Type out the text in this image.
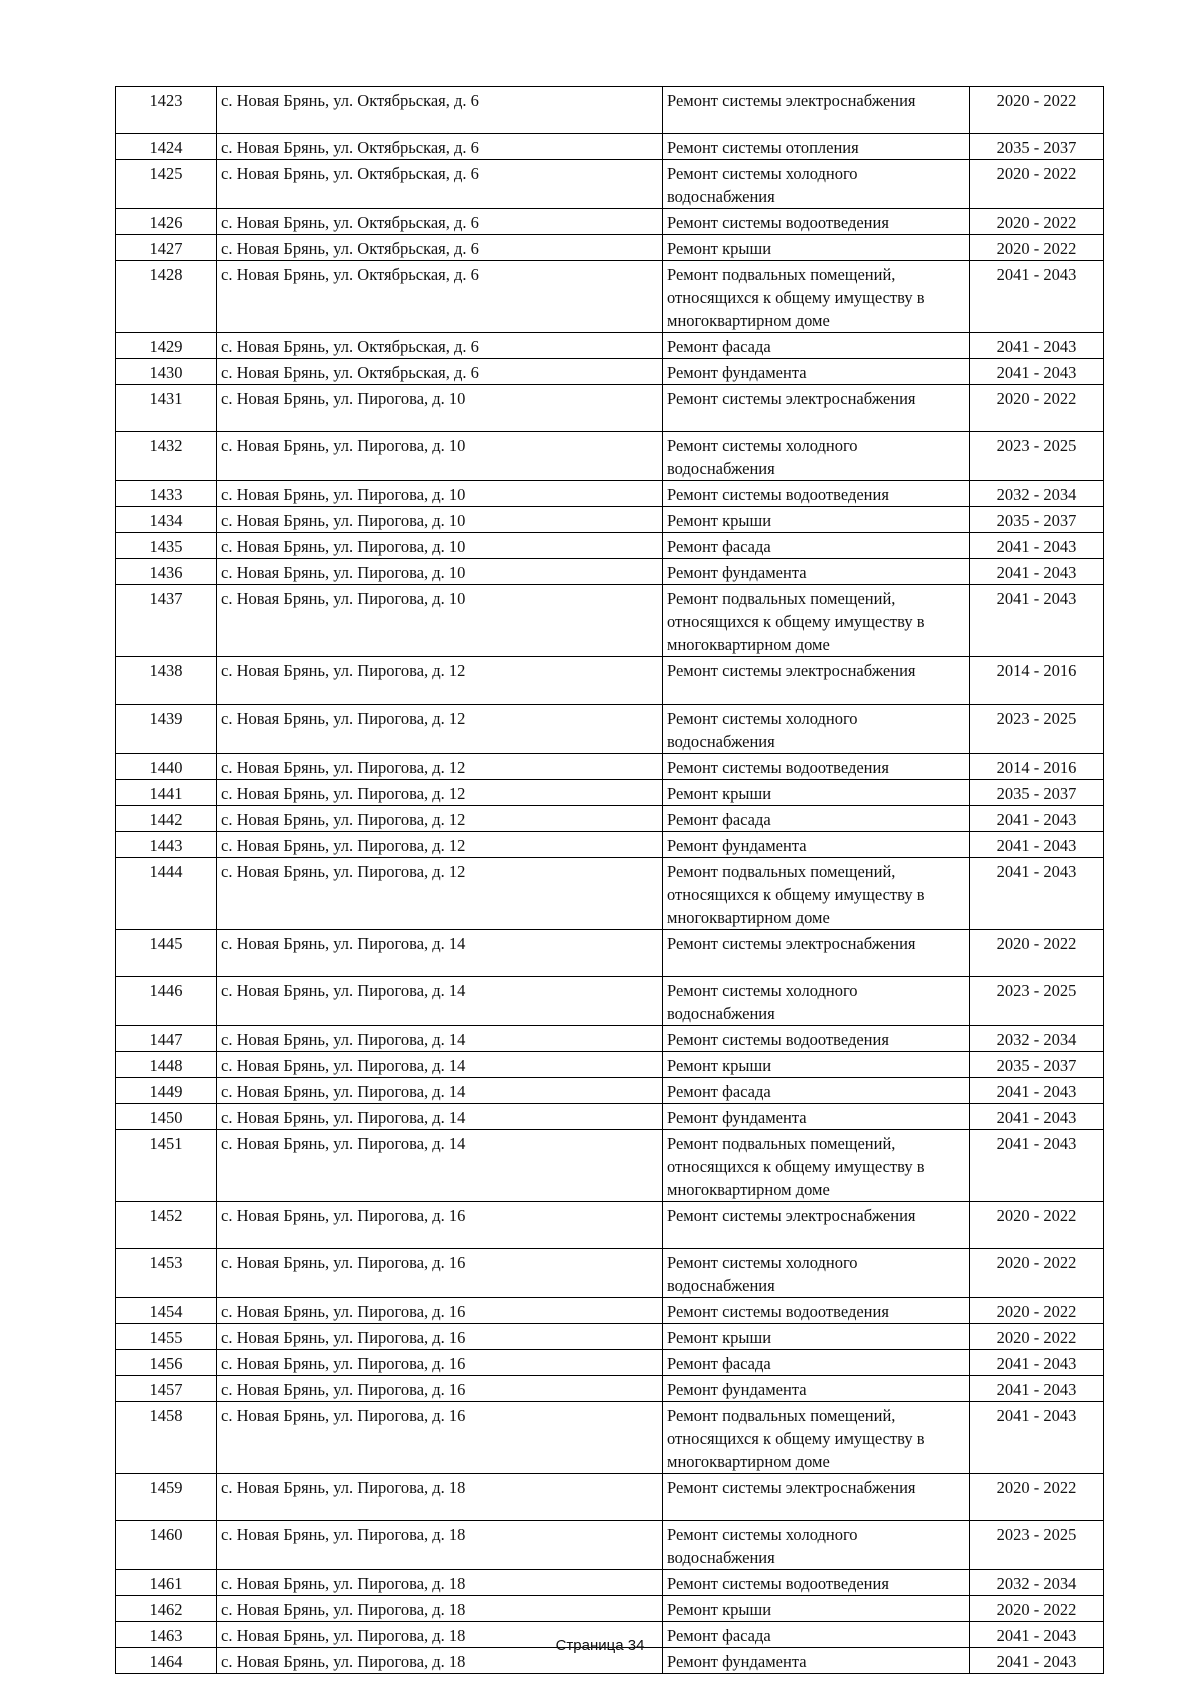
1423	с. Новая Брянь, ул. Октябрьская, д. 6	Ремонт системы электроснабжения	2020 - 2022
1424	с. Новая Брянь, ул. Октябрьская, д. 6	Ремонт системы отопления	2035 - 2037
1425	с. Новая Брянь, ул. Октябрьская, д. 6	Ремонт системы холодного водоснабжения	2020 - 2022
1426	с. Новая Брянь, ул. Октябрьская, д. 6	Ремонт системы водоотведения	2020 - 2022
1427	с. Новая Брянь, ул. Октябрьская, д. 6	Ремонт крыши	2020 - 2022
1428	с. Новая Брянь, ул. Октябрьская, д. 6	Ремонт подвальных помещений, относящихся к общему имуществу в многоквартирном доме	2041 - 2043
1429	с. Новая Брянь, ул. Октябрьская, д. 6	Ремонт фасада	2041 - 2043
1430	с. Новая Брянь, ул. Октябрьская, д. 6	Ремонт фундамента	2041 - 2043
1431	с. Новая Брянь, ул. Пирогова, д. 10	Ремонт системы электроснабжения	2020 - 2022
1432	с. Новая Брянь, ул. Пирогова, д. 10	Ремонт системы холодного водоснабжения	2023 - 2025
1433	с. Новая Брянь, ул. Пирогова, д. 10	Ремонт системы водоотведения	2032 - 2034
1434	с. Новая Брянь, ул. Пирогова, д. 10	Ремонт крыши	2035 - 2037
1435	с. Новая Брянь, ул. Пирогова, д. 10	Ремонт фасада	2041 - 2043
1436	с. Новая Брянь, ул. Пирогова, д. 10	Ремонт фундамента	2041 - 2043
1437	с. Новая Брянь, ул. Пирогова, д. 10	Ремонт подвальных помещений, относящихся к общему имуществу в многоквартирном доме	2041 - 2043
1438	с. Новая Брянь, ул. Пирогова, д. 12	Ремонт системы электроснабжения	2014 - 2016
1439	с. Новая Брянь, ул. Пирогова, д. 12	Ремонт системы холодного водоснабжения	2023 - 2025
1440	с. Новая Брянь, ул. Пирогова, д. 12	Ремонт системы водоотведения	2014 - 2016
1441	с. Новая Брянь, ул. Пирогова, д. 12	Ремонт крыши	2035 - 2037
1442	с. Новая Брянь, ул. Пирогова, д. 12	Ремонт фасада	2041 - 2043
1443	с. Новая Брянь, ул. Пирогова, д. 12	Ремонт фундамента	2041 - 2043
1444	с. Новая Брянь, ул. Пирогова, д. 12	Ремонт подвальных помещений, относящихся к общему имуществу в многоквартирном доме	2041 - 2043
1445	с. Новая Брянь, ул. Пирогова, д. 14	Ремонт системы электроснабжения	2020 - 2022
1446	с. Новая Брянь, ул. Пирогова, д. 14	Ремонт системы холодного водоснабжения	2023 - 2025
1447	с. Новая Брянь, ул. Пирогова, д. 14	Ремонт системы водоотведения	2032 - 2034
1448	с. Новая Брянь, ул. Пирогова, д. 14	Ремонт крыши	2035 - 2037
1449	с. Новая Брянь, ул. Пирогова, д. 14	Ремонт фасада	2041 - 2043
1450	с. Новая Брянь, ул. Пирогова, д. 14	Ремонт фундамента	2041 - 2043
1451	с. Новая Брянь, ул. Пирогова, д. 14	Ремонт подвальных помещений, относящихся к общему имуществу в многоквартирном доме	2041 - 2043
1452	с. Новая Брянь, ул. Пирогова, д. 16	Ремонт системы электроснабжения	2020 - 2022
1453	с. Новая Брянь, ул. Пирогова, д. 16	Ремонт системы холодного водоснабжения	2020 - 2022
1454	с. Новая Брянь, ул. Пирогова, д. 16	Ремонт системы водоотведения	2020 - 2022
1455	с. Новая Брянь, ул. Пирогова, д. 16	Ремонт крыши	2020 - 2022
1456	с. Новая Брянь, ул. Пирогова, д. 16	Ремонт фасада	2041 - 2043
1457	с. Новая Брянь, ул. Пирогова, д. 16	Ремонт фундамента	2041 - 2043
1458	с. Новая Брянь, ул. Пирогова, д. 16	Ремонт подвальных помещений, относящихся к общему имуществу в многоквартирном доме	2041 - 2043
1459	с. Новая Брянь, ул. Пирогова, д. 18	Ремонт системы электроснабжения	2020 - 2022
1460	с. Новая Брянь, ул. Пирогова, д. 18	Ремонт системы холодного водоснабжения	2023 - 2025
1461	с. Новая Брянь, ул. Пирогова, д. 18	Ремонт системы водоотведения	2032 - 2034
1462	с. Новая Брянь, ул. Пирогова, д. 18	Ремонт крыши	2020 - 2022
1463	с. Новая Брянь, ул. Пирогова, д. 18	Ремонт фасада	2041 - 2043
1464	с. Новая Брянь, ул. Пирогова, д. 18	Ремонт фундамента	2041 - 2043
Страница 34
